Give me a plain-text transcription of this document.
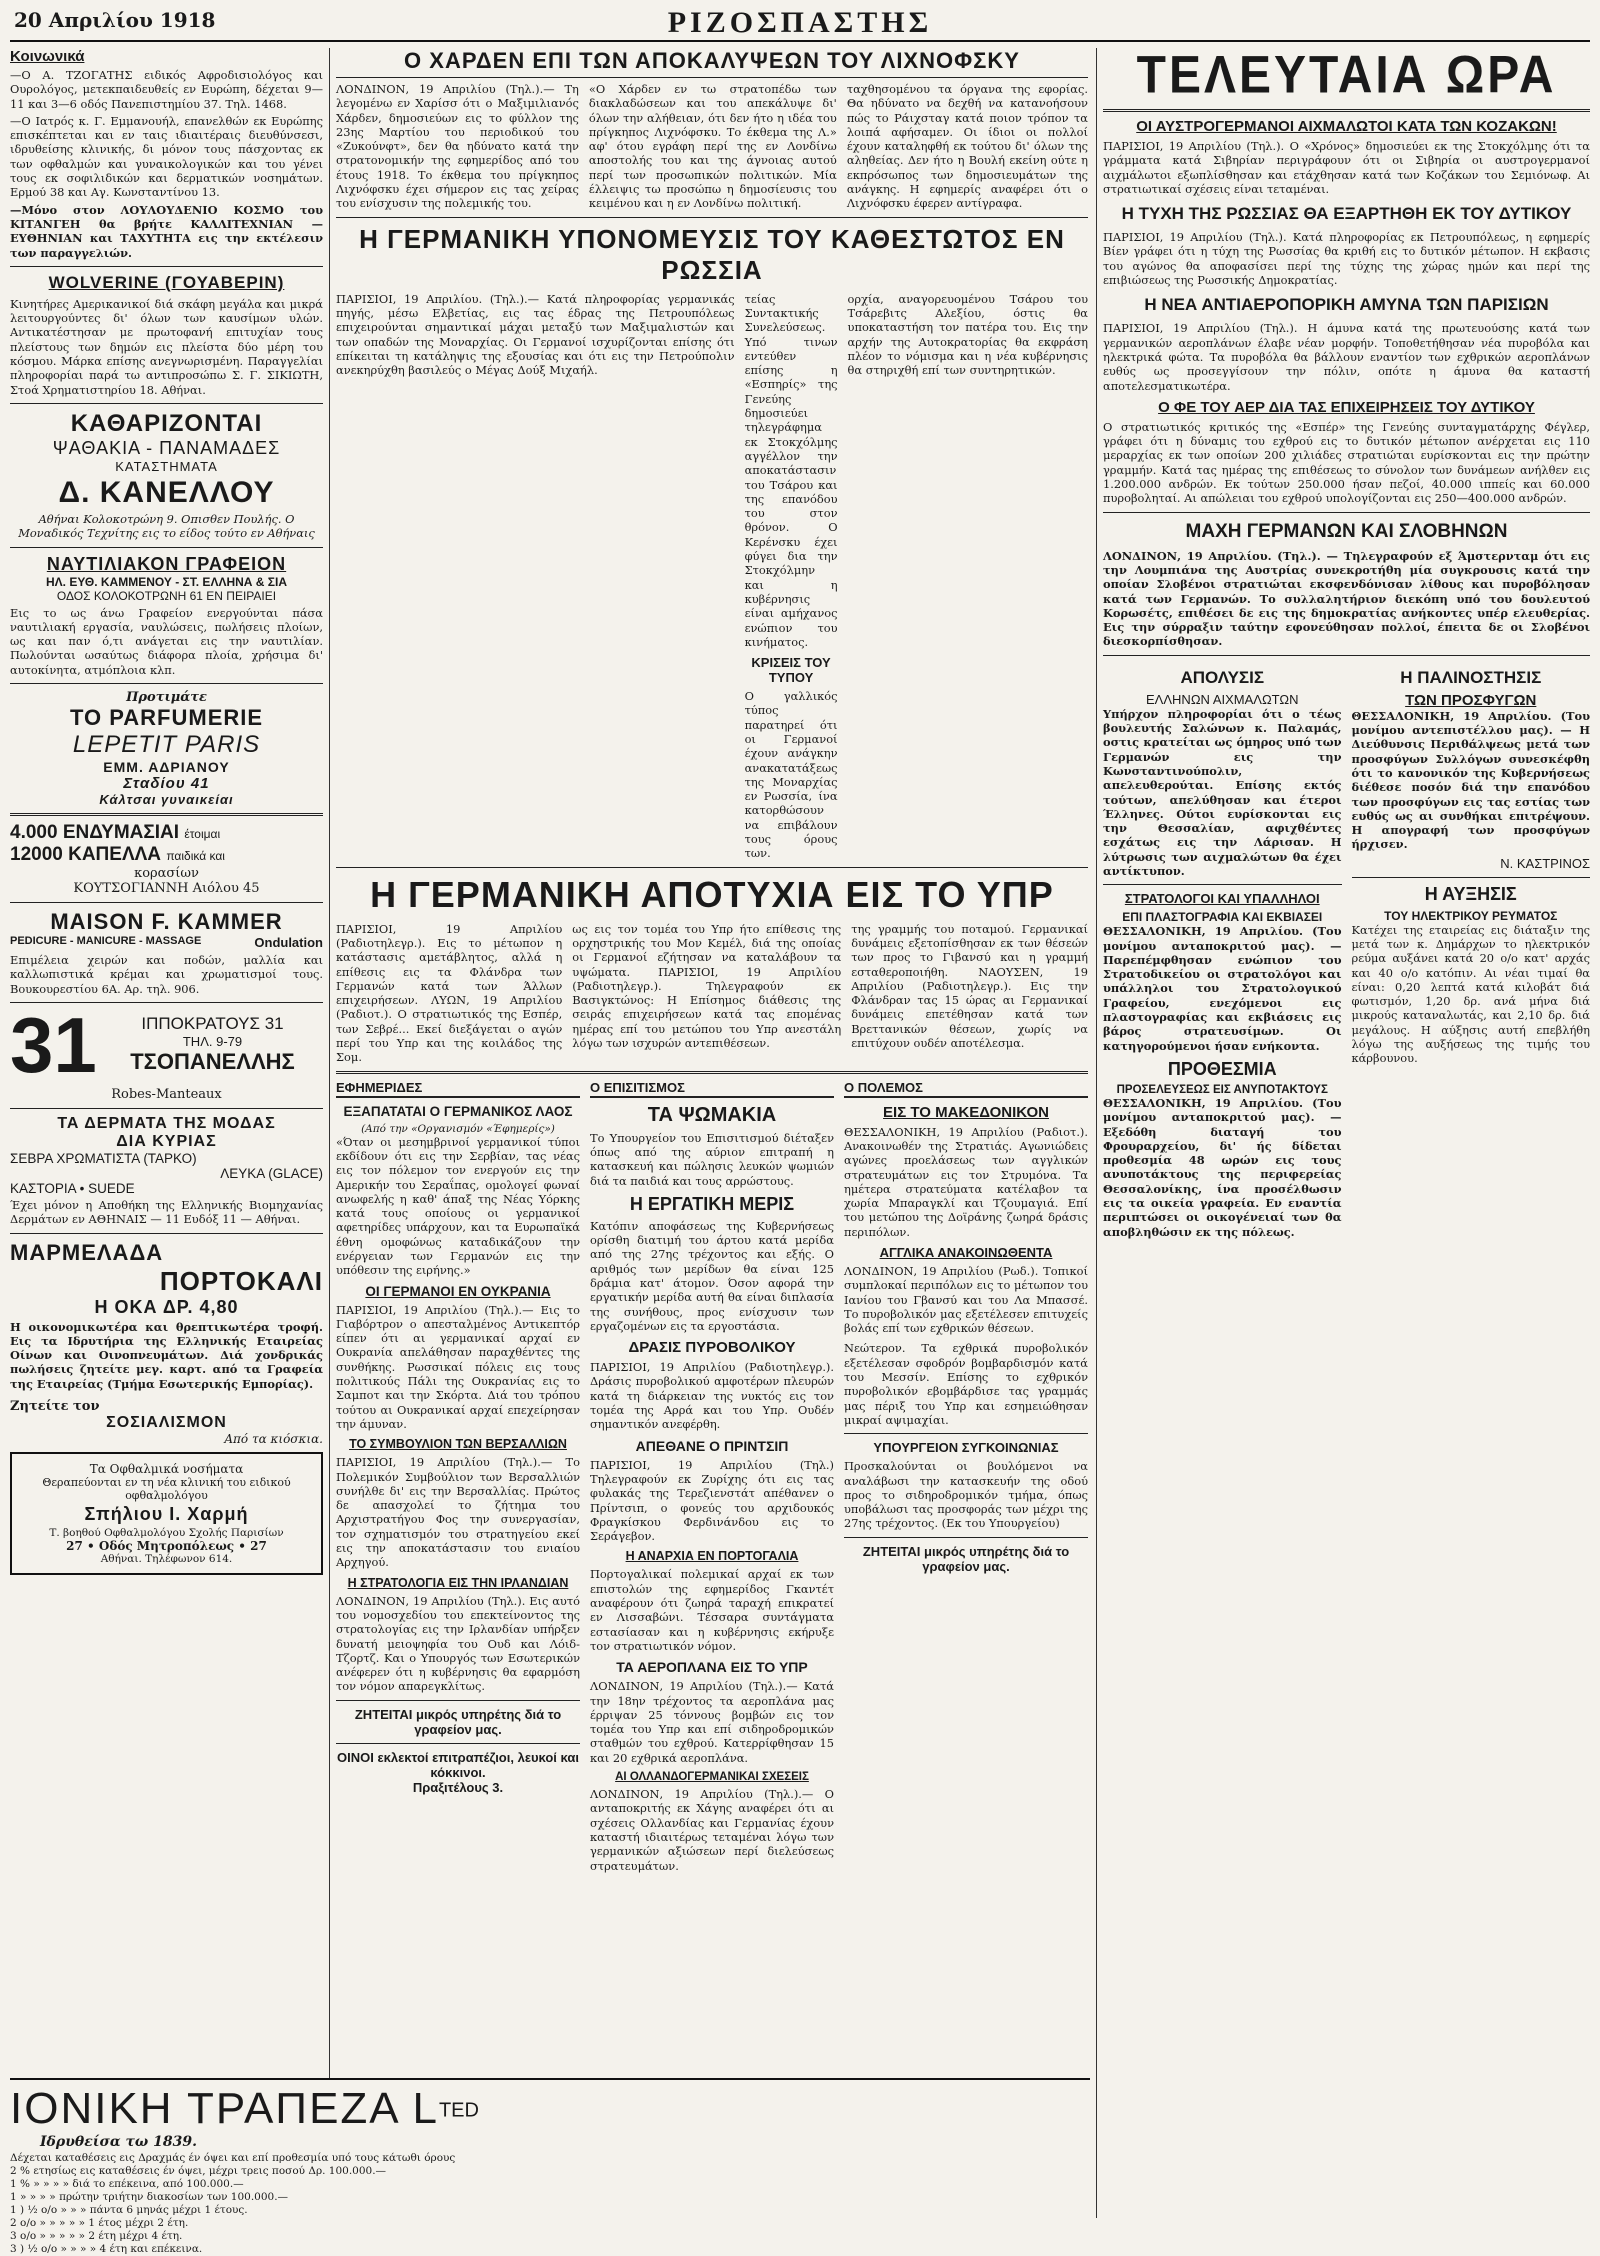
20 Απριλίου 1918	ΡΙΖΟΣΠΑΣΤΗΣ
Κοινωνικά

—Ο Α. ΤΖΟΓΑΤΗΣ ειδικός Αφροδισιολόγος και Ουρολόγος, μετεκπαιδευθείς εν Ευρώπη, δέχεται 9—11 και 3—6 οδός Πανεπιστημίου 37. Τηλ. 1468.

—Ο Ιατρός κ. Γ. Εμμανουήλ, επανελθών εκ Ευρώπης επισκέπτεται και εν ταις ιδιαιτέραις διευθύνσεσι, ιδρυθείσης κλινικής, δι μόνον τους πάσχοντας εκ των οφθαλμών και γυναικολογικών και του γένει τους εκ σοφιλιδικών και δερματικών νοσημάτων. Ερμού 38 και Αγ. Κωνσταντίνου 13.

—Μόνο στον ΛΟΥΛΟΥΔΕΝΙΟ ΚΟΣΜΟ του ΚΙΤΑΝΓΕΗ θα βρήτε ΚΑΛΛΙΤΕΧΝΙΑΝ — ΕΥΘΗΝΙΑΝ και ΤΑΧΥΤΗΤΑ εις την εκτέλεσιν των παραγγελιών.

WOLVERINE (ΓΟΥΑΒΕΡΙΝ)

Κινητήρες Αμερικανικοί διά σκάφη μεγάλα και μικρά λειτουργούντες δι' όλων των καυσίμων υλών. Αντικατέστησαν με πρωτοφανή επιτυχίαν τους πλείστους των δημών εις πλείστα δύο μέρη του κόσμου. Μάρκα επίσης ανεγνωρισμένη. Παραγγελίαι πληροφορίαι παρά τω αντιπροσώπω Σ. Γ. ΣΙΚΙΩΤΗ, Στοά Χρηματιστηρίου 18. Αθήναι.

ΚΑΘΑΡΙΖΟΝΤΑΙ
ΨΑΘΑΚΙΑ - ΠΑΝΑΜΑΔΕΣ
ΚΑΤΑΣΤΗΜΑΤΑ
Δ. ΚΑΝΕΛΛΟΥ

Αθήναι Κολοκοτρώνη 9. Οπισθεν Πουλής. Ο Μοναδικός Τεχνίτης εις το είδος τούτο εν Αθήναις

ΝΑΥΤΙΛΙΑΚΟΝ ΓΡΑΦΕΙΟΝ
ΗΛ. ΕΥΘ. ΚΑΜΜΕΝΟΥ - ΣΤ. ΕΛΛΗΝΑ & ΣΙΑ
ΟΔΟΣ ΚΟΛΟΚΟΤΡΩΝΗ 61 ΕΝ ΠΕΙΡΑΙΕΙ

Εις το ως άνω Γραφείον ενεργούνται πάσα ναυτιλιακή εργασία, ναυλώσεις, πωλήσεις πλοίων, ως και παν ό,τι ανάγεται εις την ναυτιλίαν. Πωλούνται ωσαύτως διάφορα πλοία, χρήσιμα δι' αυτοκίνητα, ατμόπλοια κλπ.

Προτιμάτε
ΤΟ PARFUMERIE
LEPETIT PARIS
ΕΜΜ. ΑΔΡΙΑΝΟΥ
Σταδίου 41
Κάλτσαι γυναικείαι
4.000 ΕΝΔΥΜΑΣΙΑΙ έτοιμαι
12000 ΚΑΠΕΛΛΑ παιδικά και
κορασίων
ΚΟΥΤΣΟΓΙΑΝΝΗ Αιόλου 45
MAISON F. KAMMER
PEDICURE - MANICURE - MASSAGE	Ondulation

Επιμέλεια χειρών και ποδών, μαλλία και καλλωπιστικά κρέμαι και χρωματισμοί τους. Βουκουρεστίου 6Α. Αρ. τηλ. 906.

31	ΙΠΠΟΚΡΑΤΟΥΣ 31
ΤΗΛ. 9-79
ΤΣΟΠΑΝΕΛΛΗΣ
Robes-Manteaux
ΤΑ ΔΕΡΜΑΤΑ ΤΗΣ ΜΟΔΑΣ
ΔΙΑ ΚΥΡΙΑΣ
ΣΕΒΡΑ ΧΡΩΜΑΤΙΣΤΑ (ΤΑΡΚΟ)
ΛΕΥΚΑ (GLACE)
ΚΑΣΤΟΡΙΑ • SUEDE

Έχει μόνον η Αποθήκη της Ελληνικής Βιομηχανίας Δερμάτων εν ΑΘΗΝΑΙΣ — 11 Ευδόξ 11 — Αθήναι.

ΜΑΡΜΕΛΑΔΑ
ΠΟΡΤΟΚΑΛΙ
Η ΟΚΑ ΔΡ. 4,80

Η οικονομικωτέρα και θρεπτικωτέρα τροφή. Εις τα Ιδρυτήρια της Ελληνικής Εταιρείας Οίνων και Οινοπνευμάτων. Διά χονδρικάς πωλήσεις ζητείτε μεγ. καρτ. από τα Γραφεία της Εταιρείας (Τμήμα Εσωτερικής Εμπορίας).

Ζητείτε τον
ΣΟΣΙΑΛΙΣΜΟΝ
Από τα κιόσκια.
Τα Οφθαλμικά νοσήματα
Θεραπεύονται εν τη νέα κλινική του ειδικού οφθαλμολόγου
Σπήλιου Ι. Χαρμή
Τ. βοηθού Οφθαλμολόγου Σχολής Παρισίων
27 • Οδός Μητροπόλεως • 27
Αθήναι. Τηλέφωνον 614.
Ο ΧΑΡΔΕΝ ΕΠΙ ΤΩΝ ΑΠΟΚΑΛΥΨΕΩΝ ΤΟΥ ΛΙΧΝΟΦΣΚΥ

ΛΟΝΔΙΝΟΝ, 19 Απριλίου (Τηλ.).— Τη λεγομένω εν Χαρίσσ ότι ο Μαξιμιλιανός Χάρδεν, δημοσιεύων εις το φύλλον της 23ης Μαρτίου του περιοδικού του «Ζυκούνφτ», δεν θα ηδύνατο κατά την στρατονομικήν της εφημερίδος από του έτους 1918. Το έκθεμα του πρίγκηπος Λιχνόφσκυ έχει σήμερον εις τας χείρας του ενίσχυσιν της πολεμικής του.

«Ο Χάρδεν εν τω στρατοπέδω των διακλαδώσεων και του απεκάλυψε δι' όλων την αλήθειαν, ότι δεν ήτο η ιδέα του πρίγκηπος Λιχνόφσκυ. Το έκθεμα της Λ.» αφ' ότου εγράφη περί της εν Λονδίνω αποστολής του και της άγνοιας αυτού περί των προσωπικών πολιτικών. Μία έλλειψις τω προσώπω η δημοσίευσις του κειμένου και η εν Λονδίνω πολιτική.

ταχθησομένου τα όργανα της εφορίας. Θα ηδύνατο να δεχθή να κατανοήσουν πώς το Ράιχσταγ κατά ποιον τρόπον τα λοιπά αφήσαμεν. Οι ίδιοι οι πολλοί έχουν καταληφθή εκ τούτου δι' όλων της αληθείας. Δεν ήτο η Βουλή εκείνη ούτε η εκπρόσωπος των δημοσιευμάτων της ανάγκης. Η εφημερίς αναφέρει ότι ο Λιχνόφσκυ έφερεν αντίγραφα.

Η ΓΕΡΜΑΝΙΚΗ ΥΠΟΝΟΜΕΥΣΙΣ ΤΟΥ ΚΑΘΕΣΤΩΤΟΣ ΕΝ ΡΩΣΣΙΑ

ΠΑΡΙΣΙΟΙ, 19 Απριλίου. (Τηλ.).— Κατά πληροφορίας γερμανικάς πηγής, μέσω Ελβετίας, εις τας έδρας της Πετρουπόλεως επιχειρούνται σημαντικαί μάχαι μεταξύ των Μαξιμαλιστών και των οπαδών της Μοναρχίας. Οι Γερμανοί ισχυρίζονται επίσης ότι επίκειται τη κατάληψις της εξουσίας και ότι εις την Πετρούπολιν ανεκηρύχθη βασιλεύς ο Μέγας Δούξ Μιχαήλ.

τείας Συντακτικής Συνελεύσεως. Υπό τινων εντεύθεν επίσης η «Εσπηρίς» της Γενεύης δημοσιεύει τηλεγράφημα εκ Στοκχόλμης αγγέλλον την αποκατάστασιν του Τσάρου και της επανόδου του στον θρόνον. Ο Κερένσκυ έχει φύγει δια την Στοκχόλμην και η κυβέρνησις είναι αμήχανος ενώπιον του κινήματος.

ΚΡΙΣΕΙΣ ΤΟΥ ΤΥΠΟΥ

Ο γαλλικός τύπος παρατηρεί ότι οι Γερμανοί έχουν ανάγκην ανακατατάξεως της Μοναρχίας εν Ρωσσία, ίνα κατορθώσουν να επιβάλουν τους όρους των.

ορχία, αναγορευομένου Τσάρου του Τσάρεβιτς Αλεξίου, όστις θα υποκαταστήση τον πατέρα του. Εις την αρχήν της Αυτοκρατορίας θα εκφράση πλέον το νόμισμα και η νέα κυβέρνησις θα στηριχθή επί των συντηρητικών.

Η ΓΕΡΜΑΝΙΚΗ ΑΠΟΤΥΧΙΑ ΕΙΣ ΤΟ ΥΠΡ

ΠΑΡΙΣΙΟΙ, 19 Απριλίου (Ραδιοτηλεγρ.). Εις το μέτωπον η κατάστασις αμετάβλητος, αλλά η επίθεσις εις τα Φλάνδρα των Γερμανών κατά των Άλλων επιχειρήσεων. ΛΥΩΝ, 19 Απριλίου (Ραδιοτ.). Ο στρατιωτικός της Εσπέρ, των Σεβρέ... Εκεί διεξάγεται ο αγών περί του Υπρ και της κοιλάδος της Σομ.

ως εις τον τομέα του Υπρ ήτο επίθεσις της ορχηστρικής του Μον Κεμέλ, διά της οποίας οι Γερμανοί εζήτησαν να καταλάβουν τα υψώματα. ΠΑΡΙΣΙΟΙ, 19 Απριλίου (Ραδιοτηλεγρ.). Τηλεγραφούν εκ Βασιγκτώνος: Η Επίσημος διάθεσις της σειράς επιχειρήσεων κατά τας επομένας ημέρας επί του μετώπου του Υπρ ανεστάλη λόγω των ισχυρών αντεπιθέσεων.

της γραμμής του ποταμού. Γερμανικαί δυνάμεις εξετοπίσθησαν εκ των θέσεών των προς το Γιβανσύ και η γραμμή εσταθεροποιήθη. ΝΑΟΥΣΕΝ, 19 Απριλίου (Ραδιοτηλεγρ.). Εις την Φλάνδραν τας 15 ώρας αι Γερμανικαί δυνάμεις επετέθησαν κατά των Βρεττανικών θέσεων, χωρίς να επιτύχουν ουδέν αποτέλεσμα.

ΕΦΗΜΕΡΙΔΕΣ
ΕΞΑΠΑΤΑΤΑΙ Ο ΓΕΡΜΑΝΙΚΟΣ ΛΑΟΣ
(Από την «Οργανισμόν «Έφημερίς»)

«Όταν οι μεσημβρινοί γερμανικοί τύποι εκδίδουν ότι εις την Σερβίαν, τας νέας εις τον πόλεμον τον ενεργούν εις την Αμερικήν του Σεραΐπας, ομολογεί φωναί ανωφελής η καθ' άπαξ της Νέας Υόρκης κατά τους οποίους οι γερμανικοί αφετηρίδες υπάρχουν, και τα Ευρωπαϊκά έθνη ομοφώνως καταδικάζουν την ενέργειαν των Γερμανών εις την υπόθεσιν της ειρήνης.»

ΟΙ ΓΕΡΜΑΝΟΙ ΕΝ ΟΥΚΡΑΝΙΑ

ΠΑΡΙΣΙΟΙ, 19 Απριλίου (Τηλ.).— Εις το Γιαβόρτρον ο απεσταλμένος Αντικεπτόρ είπεν ότι αι γερμανικαί αρχαί εν Ουκρανία απελάθησαν παραχθέντες της συνθήκης. Ρωσσικαί πόλεις εις τους πολιτικούς Πάλι της Ουκρανίας εις το Σαμποτ και την Σκόρτα. Διά του τρόπου τούτου αι Ουκρανικαί αρχαί επεχείρησαν την άμυναν.

ΤΟ ΣΥΜΒΟΥΛΙΟΝ ΤΩΝ ΒΕΡΣΑΛΛΙΩΝ

ΠΑΡΙΣΙΟΙ, 19 Απριλίου (Τηλ.).— Το Πολεμικόν Συμβούλιον των Βερσαλλιών συνήλθε δι' εις την Βερσαλλίας. Πρώτος δε απασχολεί το ζήτημα του Αρχιστρατήγου Φος την συνεργασίαν, τον σχηματισμόν του στρατηγείου εκεί εις την αποκατάστασιν του ενιαίου Αρχηγού.

Η ΣΤΡΑΤΟΛΟΓΙΑ ΕΙΣ ΤΗΝ ΙΡΛΑΝΔΙΑΝ

ΛΟΝΔΙΝΟΝ, 19 Απριλίου (Τηλ.). Εις αυτό του νομοσχεδίου του επεκτείνοντος της στρατολογίας εις την Ιρλανδίαν υπήρξεν δυνατή μειοψηφία του Ουδ και Λόιδ-Τζορτζ. Και ο Υπουργός των Εσωτερικών ανέφερεν ότι η κυβέρνησις θα εφαρμόση τον νόμον απαρεγκλίτως.

ΖΗΤΕΙΤΑΙ μικρός υπηρέτης διά το γραφείον μας.
ΟΙΝΟΙ εκλεκτοί επιτραπέζιοι, λευκοί και κόκκινοι.
Πραξιτέλους 3.
Ο ΕΠΙΣΙΤΙΣΜΟΣ
ΤΑ ΨΩΜΑΚΙΑ

Το Υπουργείον του Επισιτισμού διέταξεν όπως από της αύριον επιτραπή η κατασκευή και πώλησις λευκών ψωμιών διά τα παιδιά και τους αρρώστους.

Η ΕΡΓΑΤΙΚΗ ΜΕΡΙΣ

Κατόπιν αποφάσεως της Κυβερνήσεως ορίσθη διατιμή του άρτου κατά μερίδα από της 27ης τρέχοντος και εξής. Ο αριθμός των μερίδων θα είναι 125 δράμια κατ' άτομον. Όσον αφορά την εργατικήν μερίδα αυτή θα είναι διπλασία της συνήθους, προς ενίσχυσιν των εργαζομένων εις τα εργοστάσια.

ΔΡΑΣΙΣ ΠΥΡΟΒΟΛΙΚΟΥ

ΠΑΡΙΣΙΟΙ, 19 Απριλίου (Ραδιοτηλεγρ.). Δράσις πυροβολικού αμφοτέρων πλευρών κατά τη διάρκειαν της νυκτός εις τον τομέα της Αρρά και του Υπρ. Ουδέν σημαντικόν ανεφέρθη.

ΑΠΕΘΑΝΕ Ο ΠΡΙΝΤΣΙΠ

ΠΑΡΙΣΙΟΙ, 19 Απριλίου (Τηλ.) Τηλεγραφούν εκ Ζυρίχης ότι εις τας φυλακάς της Τερεζιενστάτ απέθανεν ο Πρίντσιπ, ο φονεύς του αρχιδουκός Φραγκίσκου Φερδινάνδου εις το Σεράγεβον.

Η ΑΝΑΡΧΙΑ ΕΝ ΠΟΡΤΟΓΑΛΙΑ

Πορτογαλικαί πολεμικαί αρχαί εκ των επιστολών της εφημερίδος Γκαντέτ αναφέρουν ότι ζωηρά ταραχή επικρατεί εν Λισσαβώνι. Τέσσαρα συντάγματα εστασίασαν και η κυβέρνησις εκήρυξε τον στρατιωτικόν νόμον.

ΤΑ ΑΕΡΟΠΛΑΝΑ ΕΙΣ ΤΟ ΥΠΡ

ΛΟΝΔΙΝΟΝ, 19 Απριλίου (Τηλ.).— Κατά την 18ην τρέχοντος τα αεροπλάνα μας έρριψαν 25 τόννους βομβών εις τον τομέα του Υπρ και επί σιδηροδρομικών σταθμών του εχθρού. Κατερρίφθησαν 15 και 20 εχθρικά αεροπλάνα.

ΑΙ ΟΛΛΑΝΔΟΓΕΡΜΑΝΙΚΑΙ ΣΧΕΣΕΙΣ

ΛΟΝΔΙΝΟΝ, 19 Απριλίου (Τηλ.).— Ο ανταποκριτής εκ Χάγης αναφέρει ότι αι σχέσεις Ολλανδίας και Γερμανίας έχουν καταστή ιδιαιτέρως τεταμέναι λόγω των γερμανικών αξιώσεων περί διελεύσεως στρατευμάτων.

Ο ΠΟΛΕΜΟΣ
ΕΙΣ ΤΟ ΜΑΚΕΔΟΝΙΚΟΝ

ΘΕΣΣΑΛΟΝΙΚΗ, 19 Απριλίου (Ραδιοτ.). Ανακοινωθέν της Στρατιάς. Αγωνιώδεις αγώνες προελάσεως των αγγλικών στρατευμάτων εις τον Στρυμόνα. Τα ημέτερα στρατεύματα κατέλαβον τα χωρία Μπαραγκλί και Τζουμαγιά. Επί του μετώπου της Δοϊράνης ζωηρά δράσις περιπόλων.

ΑΓΓΛΙΚΑ ΑΝΑΚΟΙΝΩΘΕΝΤΑ

ΛΟΝΔΙΝΟΝ, 19 Απριλίου (Ρωδ.). Τοπικοί συμπλοκαί περιπόλων εις το μέτωπον του Ιανίου του Γβανσύ και του Λα Μπασσέ. Το πυροβολικόν μας εξετέλεσεν επιτυχείς βολάς επί των εχθρικών θέσεων.

Νεώτερον. Τα εχθρικά πυροβολικόν εξετέλεσαν σφοδρόν βομβαρδισμόν κατά του Μεσσίν. Επίσης το εχθρικόν πυροβολικόν εβομβάρδισε τας γραμμάς μας πέριξ του Υπρ και εσημειώθησαν μικραί αψιμαχίαι.

ΥΠΟΥΡΓΕΙΟΝ ΣΥΓΚΟΙΝΩΝΙΑΣ

Προσκαλούνται οι βουλόμενοι να αναλάβωσι την κατασκευήν της οδού προς το σιδηροδρομικόν τμήμα, όπως υποβάλωσι τας προσφοράς των μέχρι της 27ης τρέχοντος. (Εκ του Υπουργείου)

ΖΗΤΕΙΤΑΙ μικρός υπηρέτης διά το γραφείον μας.
ΤΕΛΕΥΤΑΙΑ ΩΡΑ
ΟΙ ΑΥΣΤΡΟΓΕΡΜΑΝΟΙ ΑΙΧΜΑΛΩΤΟΙ ΚΑΤΑ ΤΩΝ ΚΟΖΑΚΩΝ!

ΠΑΡΙΣΙΟΙ, 19 Απριλίου (Τηλ.). Ο «Χρόνος» δημοσιεύει εκ της Στοκχόλμης ότι τα γράμματα κατά Σιβηρίαν περιγράφουν ότι οι Σιβηρία οι αυστρογερμανοί αιχμάλωτοι εξωπλίσθησαν και ετάχθησαν κατά των Κοζάκων του Σεμιόνωφ. Αι στρατιωτικαί σχέσεις είναι τεταμέναι.

Η ΤΥΧΗ ΤΗΣ ΡΩΣΣΙΑΣ ΘΑ ΕΞΑΡΤΗΘΗ ΕΚ ΤΟΥ ΔΥΤΙΚΟΥ

ΠΑΡΙΣΙΟΙ, 19 Απριλίου (Τηλ.). Κατά πληροφορίας εκ Πετρουπόλεως, η εφημερίς Βίεν γράφει ότι η τύχη της Ρωσσίας θα κριθή εις το δυτικόν μέτωπον. Η εκβασις του αγώνος θα αποφασίσει περί της τύχης της χώρας ημών και περί της επιβιώσεως της Ρωσσικής Δημοκρατίας.

Η ΝΕΑ ΑΝΤΙΑΕΡΟΠΟΡΙΚΗ ΑΜΥΝΑ ΤΩΝ ΠΑΡΙΣΙΩΝ

ΠΑΡΙΣΙΟΙ, 19 Απριλίου (Τηλ.). Η άμυνα κατά της πρωτευούσης κατά των γερμανικών αεροπλάνων έλαβε νέαν μορφήν. Τοποθετήθησαν νέα πυροβόλα και ηλεκτρικά φώτα. Τα πυροβόλα θα βάλλουν εναντίον των εχθρικών αεροπλάνων ευθύς ως προσεγγίσουν την πόλιν, οπότε η άμυνα θα καταστή αποτελεσματικωτέρα.

Ο ΦΕ ΤΟΥ ΑΕΡ ΔΙΑ ΤΑΣ ΕΠΙΧΕΙΡΗΣΕΙΣ ΤΟΥ ΔΥΤΙΚΟΥ

Ο στρατιωτικός κριτικός της «Εσπέρ» της Γενεύης συνταγματάρχης Φέγλερ, γράφει ότι η δύναμις του εχθρού εις το δυτικόν μέτωπον ανέρχεται εις 110 μεραρχίας εκ των οποίων 200 χιλιάδες στρατιώται ευρίσκονται εις την πρώτην γραμμήν. Κατά τας ημέρας της επιθέσεως το σύνολον των δυνάμεων ανήλθεν εις 1.200.000 ανδρών. Εκ τούτων 250.000 ήσαν πεζοί, 40.000 ιππείς και 60.000 πυροβοληταί. Αι απώλειαι του εχθρού υπολογίζονται εις 250—400.000 ανδρών.

ΜΑΧΗ ΓΕΡΜΑΝΩΝ ΚΑΙ ΣΛΟΒΗΝΩΝ

ΛΟΝΔΙΝΟΝ, 19 Απριλίου. (Τηλ.). — Τηλεγραφούν εξ Άμστερνταμ ότι εις την Λουμπιάνα της Αυστρίας συνεκροτήθη μία συγκρουσις κατά την οποίαν Σλοβένοι στρατιώται εκσφενδόνισαν λίθους και πυροβόλησαν κατά των Γερμανών. Το συλλαλητήριον διεκόπη υπό του δουλευτού Κορωσέτς, επιθέσει δε εις της δημοκρατίας ανήκοντες υπέρ ελευθερίας. Εις την σύρραξιν ταύτην εφονεύθησαν πολλοί, έπειτα δε οι Σλοβένοι διεσκορπίσθησαν.

ΑΠΟΛΥΣΙΣ
ΕΛΛΗΝΩΝ ΑΙΧΜΑΛΩΤΩΝ

Υπήρχον πληροφορίαι ότι ο τέως βουλευτής Σαλώνων κ. Παλαμάς, οστις κρατείται ως όμηρος υπό των Γερμανών εις την Κωνσταντινούπολιν, απελευθερούται. Επίσης εκτός τούτων, απελύθησαν και έτεροι Έλληνες. Ούτοι ευρίσκονται εις την Θεσσαλίαν, αφιχθέντες εσχάτως εις την Λάρισαν. Η λύτρωσις των αιχμαλώτων θα έχει αντίκτυπον.

ΣΤΡΑΤΟΛΟΓΟΙ ΚΑΙ ΥΠΑΛΛΗΛΟΙ
ΕΠΙ ΠΛΑΣΤΟΓΡΑΦΙΑ ΚΑΙ ΕΚΒΙΑΣΕΙ

ΘΕΣΣΑΛΟΝΙΚΗ, 19 Απριλίου. (Του μονίμου ανταποκριτού μας). — Παρεπέμφθησαν ενώπιον του Στρατοδικείου οι στρατολόγοι και υπάλληλοι του Στρατολογικού Γραφείου, ενεχόμενοι εις πλαστογραφίας και εκβιάσεις εις βάρος στρατευσίμων. Οι κατηγορούμενοι ήσαν ενήκοντα.

ΠΡΟΘΕΣΜΙΑ
ΠΡΟΣΕΛΕΥΣΕΩΣ ΕΙΣ ΑΝΥΠΟΤΑΚΤΟΥΣ

ΘΕΣΣΑΛΟΝΙΚΗ, 19 Απριλίου. (Του μονίμου ανταποκριτού μας). — Εξεδόθη διαταγή του Φρουραρχείου, δι' ής δίδεται προθεσμία 48 ωρών εις τους ανυποτάκτους της περιφερείας Θεσσαλονίκης, ίνα προσέλθωσιν εις τα οικεία γραφεία. Εν εναντία περιπτώσει οι οικογένειαί των θα αποβληθώσιν εκ της πόλεως.

Η ΠΑΛΙΝΟΣΤΗΣΙΣ
ΤΩΝ ΠΡΟΣΦΥΓΩΝ

ΘΕΣΣΑΛΟΝΙΚΗ, 19 Απριλίου. (Του μονίμου αντεπιστέλλου μας). — Η Διεύθυνσις Περιθάλψεως μετά των προσφύγων Συλλόγων συνεσκέφθη ότι το κανονικόν της Κυβερνήσεως διέθεσε ποσόν διά την επανόδου των προσφύγων εις τας εστίας των ευθύς ως αι συνθήκαι επιτρέψουν. Η απογραφή των προσφύγων ήρχισεν.

Ν. ΚΑΣΤΡΙΝΟΣ
Η ΑΥΞΗΣΙΣ
ΤΟΥ ΗΛΕΚΤΡΙΚΟΥ ΡΕΥΜΑΤΟΣ

Κατέχει της εταιρείας εις διάταξιν της μετά των κ. Δημάρχων το ηλεκτρικόν ρεύμα αυξάνει κατά 20 ο/ο κατ' αρχάς και 40 ο/ο κατόπιν. Αι νέαι τιμαί θα είναι: 0,20 λεπτά κατά κιλοβάτ διά φωτισμόν, 1,20 δρ. ανά μήνα διά μικρούς καταναλωτάς, και 2,10 δρ. διά μεγάλους. Η αύξησις αυτή επεβλήθη λόγω της αυξήσεως της τιμής του κάρβουνου.

ΙΟΝΙΚΗ ΤΡΑΠΕΖΑ $L^{TED}$
Ιδρυθείσα τω 1839.
Δέχεται καταθέσεις εις Δραχμάς έν όψει και επί προθεσμία υπό τους κάτωθι όρους
2 % ετησίως εις καταθέσεις έν όψει, μέχρι τρεις ποσού Δρ. 100.000.—
1 % » » » » διά το επέκεινα, από 100.000.—
1 » » » » πρώτην τριήτην διακοσίων των 100.000.—
1 ) ½ ο/ο » » » πάντα 6 μηνάς μέχρι 1 έτους.
2 ο/ο » » » » » 1 έτος μέχρι 2 έτη.
3 ο/ο » » » » » 2 έτη μέχρι 4 έτη.
3 ) ½ ο/ο » » » » 4 έτη και επέκεινα.
